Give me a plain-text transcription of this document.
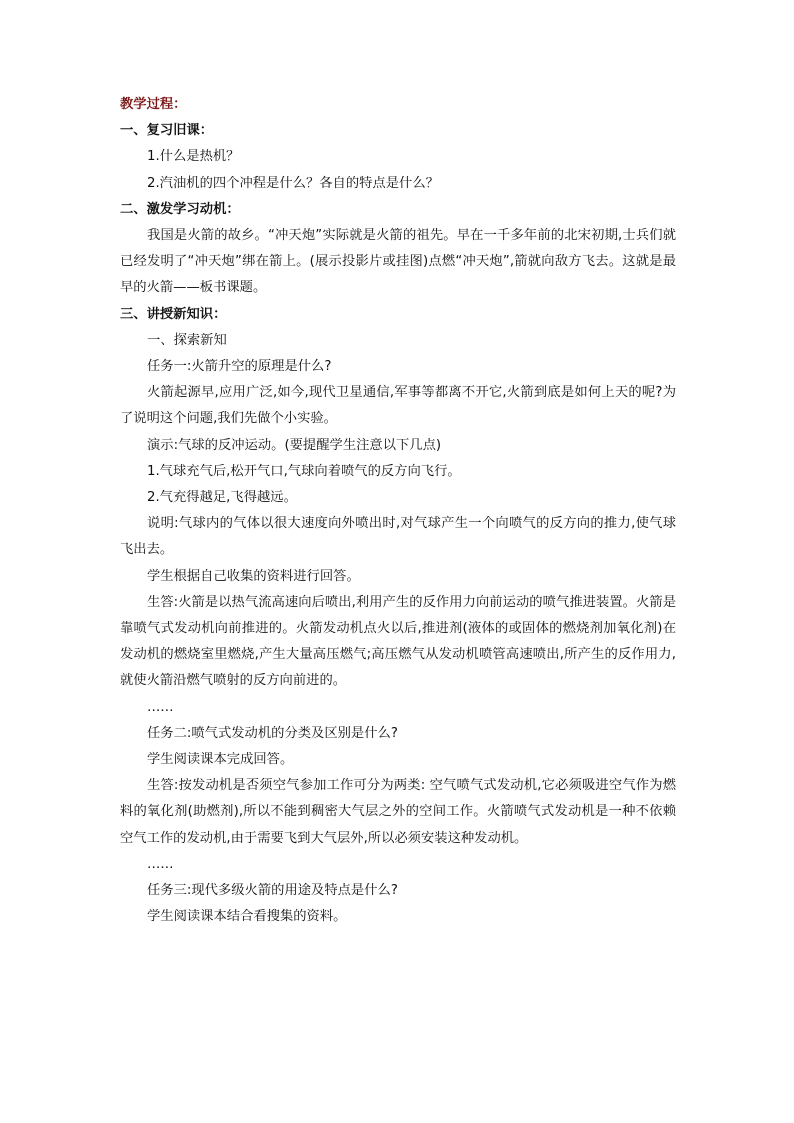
教学过程：

一、复习旧课：

1.什么是热机？

2.汽油机的四个冲程是什么？各自的特点是什么？

二、激发学习动机：

我国是火箭的故乡。“冲天炮”实际就是火箭的祖先。早在一千多年前的北宋初期,士兵们就已经发明了“冲天炮”绑在箭上。(展示投影片或挂图)点燃“冲天炮”,箭就向敌方飞去。这就是最早的火箭——板书课题。

三、讲授新知识：

一、探索新知

任务一:火箭升空的原理是什么?

火箭起源早,应用广泛,如今,现代卫星通信,军事等都离不开它,火箭到底是如何上天的呢?为了说明这个问题,我们先做个小实验。

演示:气球的反冲运动。(要提醒学生注意以下几点)

1.气球充气后,松开气口,气球向着喷气的反方向飞行。

2.气充得越足,飞得越远。

说明:气球内的气体以很大速度向外喷出时,对气球产生一个向喷气的反方向的推力,使气球飞出去。

学生根据自己收集的资料进行回答。

生答:火箭是以热气流高速向后喷出,利用产生的反作用力向前运动的喷气推进装置。火箭是靠喷气式发动机向前推进的。火箭发动机点火以后,推进剂(液体的或固体的燃烧剂加氧化剂)在发动机的燃烧室里燃烧,产生大量高压燃气;高压燃气从发动机喷管高速喷出,所产生的反作用力,就使火箭沿燃气喷射的反方向前进的。

……

任务二:喷气式发动机的分类及区别是什么?

学生阅读课本完成回答。

生答:按发动机是否须空气参加工作可分为两类: 空气喷气式发动机,它必须吸进空气作为燃料的氧化剂(助燃剂),所以不能到稠密大气层之外的空间工作。火箭喷气式发动机是一种不依赖空气工作的发动机,由于需要飞到大气层外,所以必须安装这种发动机。

……

任务三:现代多级火箭的用途及特点是什么?

学生阅读课本结合看搜集的资料。
